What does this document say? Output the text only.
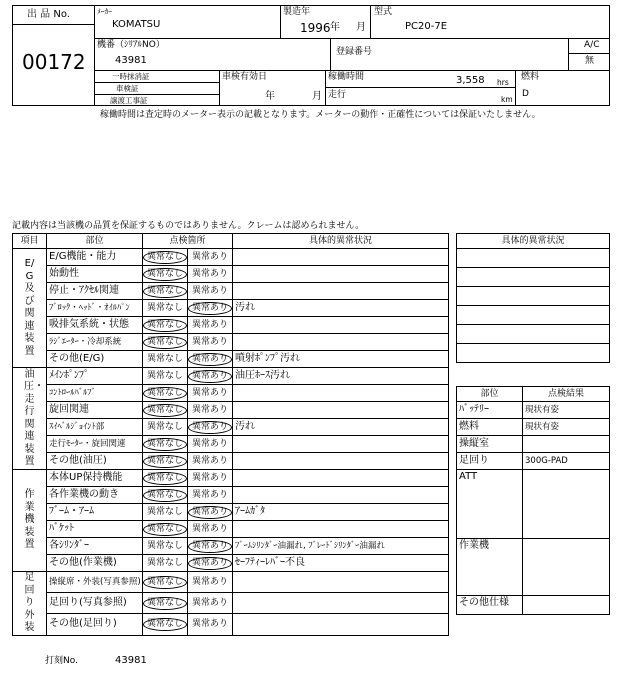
出 品 No.
00172
ﾒｰｶｰ
KOMATSU
製造年
1996 年 月
型式
PC20-7E
機番（ｼﾘｱﾙNO）
43981
登録番号
A/C
無
一時抹消証
車検証
譲渡工事証
車検有効日
年	月
稼働時間	3,558 hrs
走行	km
燃料
D
稼働時間は査定時のメーター表示の記載となります。メーターの動作・正確性については保証いたしません。
記載内容は当該機の品質を保証するものではありません。クレームは認められません。
項目	部位	点検箇所		具体的異常状況
E/G及び関連装置	E/G機能・能力	異常なし	異常あり	
	始動性	異常なし	異常あり	
	停止・ｱｸｾﾙ関連	異常なし	異常あり	
	ﾌﾞﾛｯｸ・ﾍｯﾄﾞ・ｵｲﾙﾊﾟﾝ	異常なし	異常あり	汚れ
	吸排気系統・状態	異常なし	異常あり	
	ﾗｼﾞｴｰﾀｰ・冷却系統	異常なし	異常あり	
	その他(E/G)	異常なし	異常あり	噴射ﾎﾟﾝﾌﾟ汚れ
油圧・走行関連装置	ﾒｲﾝﾎﾟﾝﾌﾟ	異常なし	異常あり	油圧ﾎｰｽ汚れ
	ｺﾝﾄﾛｰﾙﾊﾞﾙﾌﾞ	異常なし	異常あり	
	旋回関連	異常なし	異常あり	
	ｽｲﾍﾞﾙｼﾞｮｲﾝﾄ部	異常なし	異常あり	汚れ
	走行ﾓｰﾀｰ・旋回関連	異常なし	異常あり	
	その他(油圧)	異常なし	異常あり	
作業機装置	本体UP保持機能	異常なし	異常あり	
	各作業機の動き	異常なし	異常あり	
	ﾌﾞｰﾑ・ｱｰﾑ	異常なし	異常あり	ｱｰﾑｶﾞﾀ
	ﾊﾞｹｯﾄ	異常なし	異常あり	
	各ｼﾘﾝﾀﾞｰ	異常なし	異常あり	ﾌﾞｰﾑｼﾘﾝﾀﾞｰ油漏れ, ﾌﾞﾚｰﾄﾞｼﾘﾝﾀﾞｰ油漏れ
	その他(作業機)	異常なし	異常あり	ｾｰﾌﾃｨｰﾚﾊﾞｰ不良
足回り外装	操縦席・外装(写真参照)	異常なし	異常あり	
	足回り(写真参照)	異常なし	異常あり	
	その他(足回り)	異常なし	異常あり	
具体的異常状況

部位	点検結果
ﾊﾞｯﾃﾘｰ	現状有姿
燃料	現状有姿
操縦室	
足回り	300G-PAD
ATT	
作業機	
その他仕様	
打刻No.	43981
